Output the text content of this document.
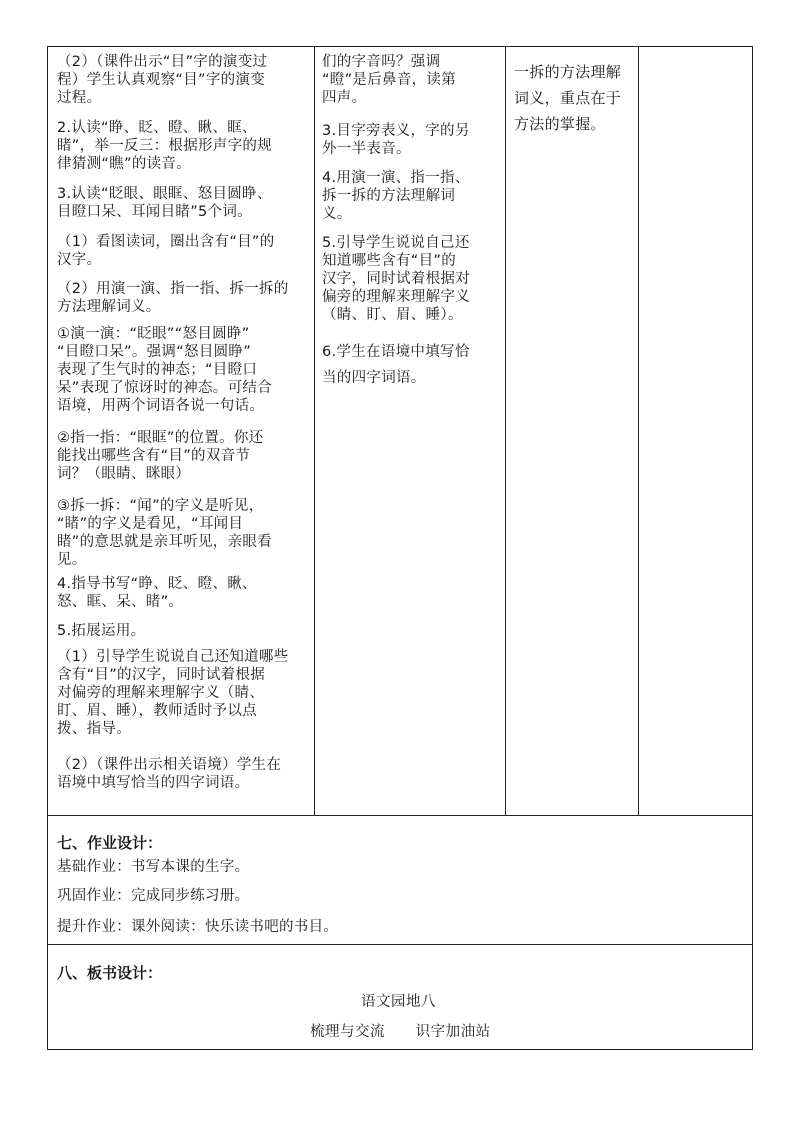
（2）（课件出示“目”字的演变过
程）学生认真观察“目”字的演变
过程。
2.认读“睁、眨、瞪、瞅、眶、
睹”，举一反三：根据形声字的规
律猜测“瞧”的读音。
3.认读“眨眼、眼眶、怒目圆睁、
目瞪口呆、耳闻目睹”5个词。
（1）看图读词，圈出含有“目”的
汉字。
（2）用演一演、指一指、拆一拆的
方法理解词义。
①演一演：“眨眼”“怒目圆睁”
“目瞪口呆”。强调“怒目圆睁”
表现了生气时的神态；“目瞪口
呆”表现了惊讶时的神态。可结合
语境，用两个词语各说一句话。
②指一指：“眼眶”的位置。你还
能找出哪些含有“目”的双音节
词？（眼睛、眯眼）
③拆一拆：“闻”的字义是听见，
“睹”的字义是看见，“耳闻目
睹”的意思就是亲耳听见，亲眼看
见。
4.指导书写“睁、眨、瞪、瞅、
怒、眶、呆、睹”。
5.拓展运用。
（1）引导学生说说自己还知道哪些
含有“目”的汉字，同时试着根据
对偏旁的理解来理解字义（睛、
盯、眉、睡），教师适时予以点
拨、指导。
（2）（课件出示相关语境）学生在
语境中填写恰当的四字词语。
们的字音吗？强调
“瞪”是后鼻音，读第
四声。
3.目字旁表义，字的另
外一半表音。
4.用演一演、指一指、
拆一拆的方法理解词
义。
5.引导学生说说自己还
知道哪些含有“目”的
汉字，同时试着根据对
偏旁的理解来理解字义
（睛、盯、眉、睡）。
6.学生在语境中填写恰
当的四字词语。
一拆的方法理解
词义，重点在于
方法的掌握。
七、作业设计：
基础作业：书写本课的生字。
巩固作业：完成同步练习册。
提升作业：课外阅读：快乐读书吧的书目。
八、板书设计：
语文园地八
梳理与交流      识字加油站
